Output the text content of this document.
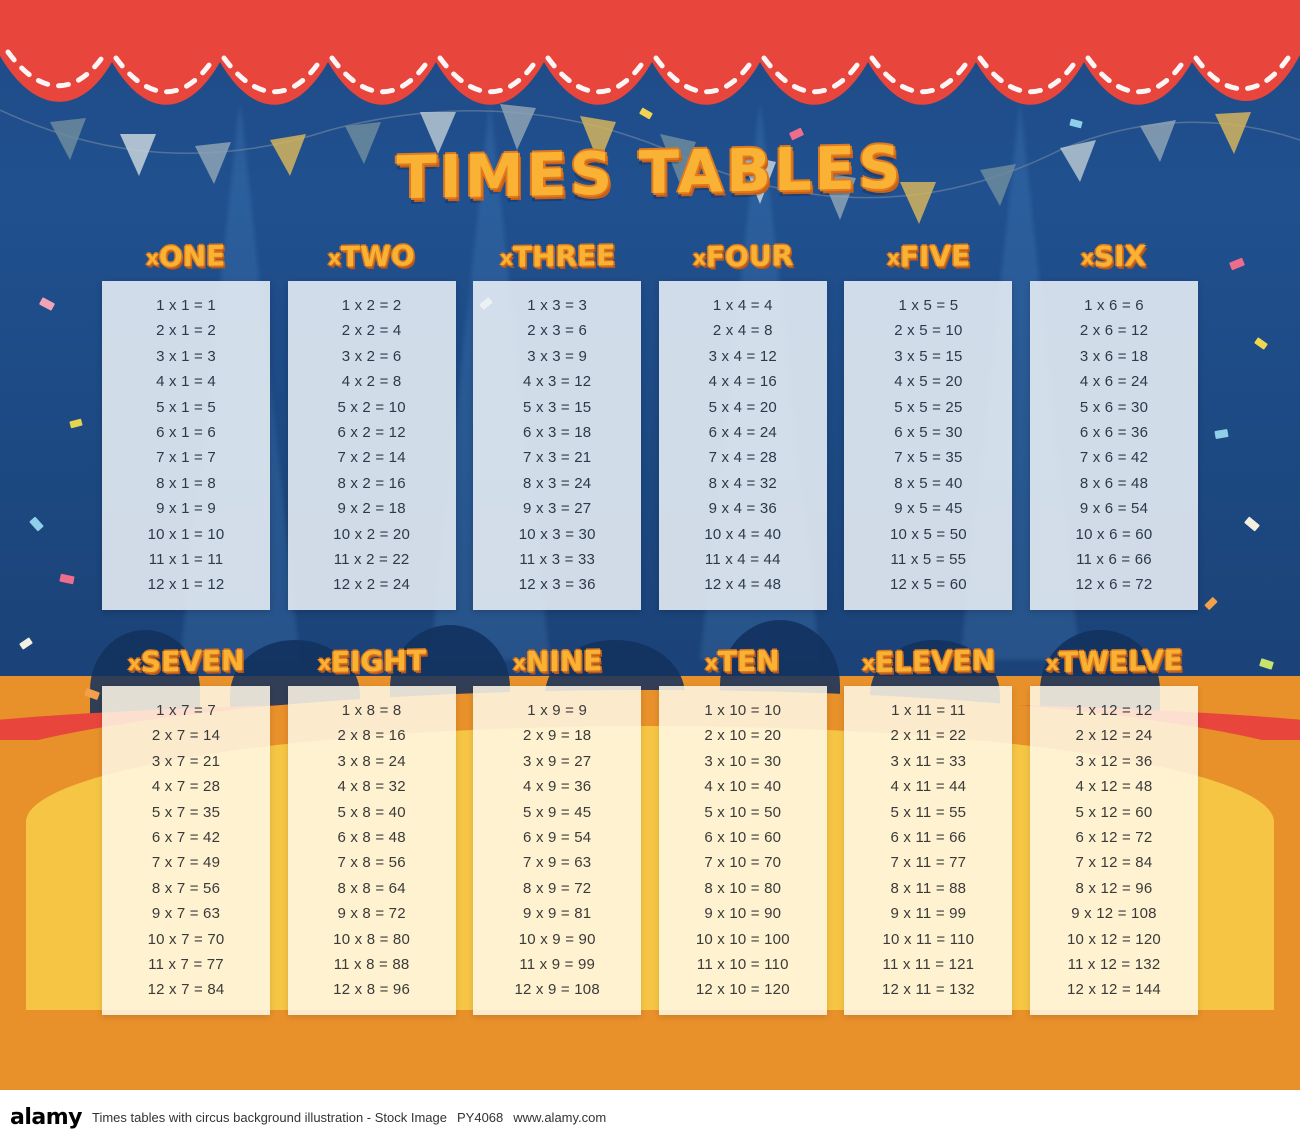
TIMES TABLES
xONE
1 x 1 = 1
2 x 1 = 2
3 x 1 = 3
4 x 1 = 4
5 x 1 = 5
6 x 1 = 6
7 x 1 = 7
8 x 1 = 8
9 x 1 = 9
10 x 1 = 10
11 x 1 = 11
12 x 1 = 12
xTWO
1 x 2 = 2
2 x 2 = 4
3 x 2 = 6
4 x 2 = 8
5 x 2 = 10
6 x 2 = 12
7 x 2 = 14
8 x 2 = 16
9 x 2 = 18
10 x 2 = 20
11 x 2 = 22
12 x 2 = 24
xTHREE
1 x 3 = 3
2 x 3 = 6
3 x 3 = 9
4 x 3 = 12
5 x 3 = 15
6 x 3 = 18
7 x 3 = 21
8 x 3 = 24
9 x 3 = 27
10 x 3 = 30
11 x 3 = 33
12 x 3 = 36
xFOUR
1 x 4 = 4
2 x 4 = 8
3 x 4 = 12
4 x 4 = 16
5 x 4 = 20
6 x 4 = 24
7 x 4 = 28
8 x 4 = 32
9 x 4 = 36
10 x 4 = 40
11 x 4 = 44
12 x 4 = 48
xFIVE
1 x 5 = 5
2 x 5 = 10
3 x 5 = 15
4 x 5 = 20
5 x 5 = 25
6 x 5 = 30
7 x 5 = 35
8 x 5 = 40
9 x 5 = 45
10 x 5 = 50
11 x 5 = 55
12 x 5 = 60
xSIX
1 x 6 = 6
2 x 6 = 12
3 x 6 = 18
4 x 6 = 24
5 x 6 = 30
6 x 6 = 36
7 x 6 = 42
8 x 6 = 48
9 x 6 = 54
10 x 6 = 60
11 x 6 = 66
12 x 6 = 72
xSEVEN
1 x 7 = 7
2 x 7 = 14
3 x 7 = 21
4 x 7 = 28
5 x 7 = 35
6 x 7 = 42
7 x 7 = 49
8 x 7 = 56
9 x 7 = 63
10 x 7 = 70
11 x 7 = 77
12 x 7 = 84
xEIGHT
1 x 8 = 8
2 x 8 = 16
3 x 8 = 24
4 x 8 = 32
5 x 8 = 40
6 x 8 = 48
7 x 8 = 56
8 x 8 = 64
9 x 8 = 72
10 x 8 = 80
11 x 8 = 88
12 x 8 = 96
xNINE
1 x 9 = 9
2 x 9 = 18
3 x 9 = 27
4 x 9 = 36
5 x 9 = 45
6 x 9 = 54
7 x 9 = 63
8 x 9 = 72
9 x 9 = 81
10 x 9 = 90
11 x 9 = 99
12 x 9 = 108
xTEN
1 x 10 = 10
2 x 10 = 20
3 x 10 = 30
4 x 10 = 40
5 x 10 = 50
6 x 10 = 60
7 x 10 = 70
8 x 10 = 80
9 x 10 = 90
10 x 10 = 100
11 x 10 = 110
12 x 10 = 120
xELEVEN
1 x 11 = 11
2 x 11 = 22
3 x 11 = 33
4 x 11 = 44
5 x 11 = 55
6 x 11 = 66
7 x 11 = 77
8 x 11 = 88
9 x 11 = 99
10 x 11 = 110
11 x 11 = 121
12 x 11 = 132
xTWELVE
1 x 12 = 12
2 x 12 = 24
3 x 12 = 36
4 x 12 = 48
5 x 12 = 60
6 x 12 = 72
7 x 12 = 84
8 x 12 = 96
9 x 12 = 108
10 x 12 = 120
11 x 12 = 132
12 x 12 = 144
alamy Times tables with circus background illustration - Stock Image PY4068 www.alamy.com
